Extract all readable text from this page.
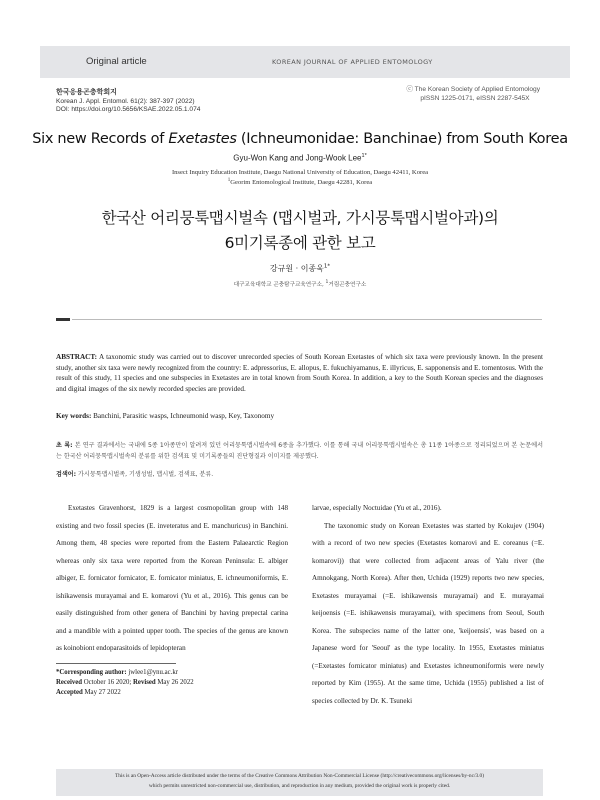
Original article	KOREAN JOURNAL OF APPLIED ENTOMOLOGY
한국응용곤충학회지
Korean J. Appl. Entomol. 61(2): 387-397 (2022)
DOI: https://doi.org/10.5656/KSAE.2022.05.1.074
ⓒ The Korean Society of Applied Entomology
pISSN 1225-0171, eISSN 2287-545X
Six new Records of Exetastes (Ichneumonidae: Banchinae) from South Korea
Gyu-Won Kang and Jong-Wook Lee$^{1*}$
Insect Inquiry Education Institute, Daegu National University of Education, Daegu 42411, Korea
$^1$Georim Entomological Institute, Daegu 42281, Korea
한국산 어리뭉툭맵시벌속 (맵시벌과, 가시뭉툭맵시벌아과)의
6미기록종에 관한 보고
강규원 · 이종욱$^{1*}$
대구교육대학교 곤충탐구교육연구소, $^1$거림곤충연구소
ABSTRACT: A taxonomic study was carried out to discover unrecorded species of South Korean Exetastes of which six taxa were previously known. In the present study, another six taxa were newly recognized from the country: E. adpressorius, E. allopus, E. fukuchiyamanus, E. illyricus, E. sapponensis and E. tomentosus. With the result of this study, 11 species and one subspecies in Exetastes are in total known from South Korea. In addition, a key to the South Korean species and the diagnoses and digital images of the six newly recorded species are provided.
Key words: Banchini, Parasitic wasps, Ichneumonid wasp, Key, Taxonomy
초 록: 본 연구 결과에서는 국내에 5종 1아종만이 알려져 있던 어리뭉툭맵시벌속에 6종을 추가했다. 이를 통해 국내 어리뭉툭맵시벌속은 총 11종 1아종으로 정리되었으며 본 논문에서는 한국산 어리뭉툭맵시벌속의 분류를 위한 검색표 및 미기록종들의 진단형질과 이미지를 제공했다.
검색어: 가시뭉툭맵시벌족, 기생성벌, 맵시벌, 검색표, 분류.

Exetastes Gravenhorst, 1829 is a largest cosmopolitan group with 148 existing and two fossil species (E. inveteratus and E. manchuricus) in Banchini. Among them, 48 species were reported from the Eastern Palaearctic Region whereas only six taxa were reported from the Korean Peninsula: E. albiger albiger, E. fornicator fornicator, E. fornicator miniatus, E. ichneumoniformis, E. ishikawensis murayamai and E. komarovi (Yu et al., 2016). This genus can be easily distinguished from other genera of Banchini by having prepectal carina and a mandible with a pointed upper tooth. The species of the genus are known as koinobiont endoparasitoids of lepidopteran

larvae, especially Noctuidae (Yu et al., 2016).

The taxonomic study on Korean Exetastes was started by Kokujev (1904) with a record of two new species (Exetastes komarovi and E. coreanus (=E. komarovi)) that were collected from adjacent areas of Yalu river (the Amnokgang, North Korea). After then, Uchida (1929) reports two new species, Exetastes murayamai (=E. ishikawensis murayamai) and E. murayamai keijoensis (=E. ishikawensis murayamai), with specimens from Seoul, South Korea. The subspecies name of the latter one, 'keijoensis', was based on a Japanese word for 'Seoul' as the type locality. In 1955, Exetastes miniatus (=Exetastes fornicator miniatus) and Exetastes ichneumoniformis were newly reported by Kim (1955). At the same time, Uchida (1955) published a list of species collected by Dr. K. Tsuneki

*Corresponding author: jwlee1@ynu.ac.kr
Received October 16 2020; Revised May 26 2022
Accepted May 27 2022
This is an Open-Access article distributed under the terms of the Creative Commons Attribution Non-Commercial License (http://creativecommons.org/licenses/by-nc/3.0)
which permits unrestricted non-commercial use, distribution, and reproduction in any medium, provided the original work is properly cited.
